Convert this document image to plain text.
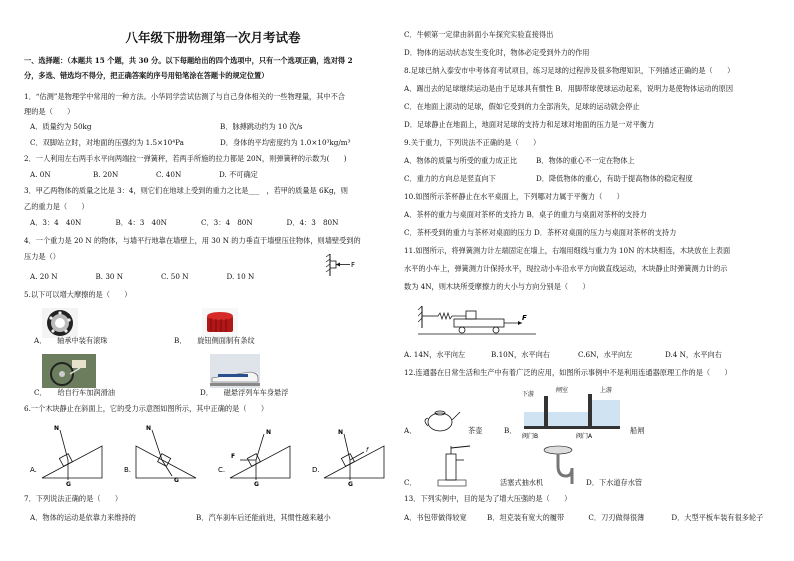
八年级下册物理第一次月考试卷

一、选择题：（本题共 15 个题，共 30 分。以下每题给出的四个选项中，只有一个选项正确，选对得 2

分，多选、错选均不得分，把正确答案的序号用铅笔涂在答题卡的规定位置）

1．“估测”是物理学中常用的一种方法。小华同学尝试估测了与自己身体相关的一些物理量，其中不合

理的是（　　）

A．质量约为 50kg	B．脉搏跳动约为 10 次/s

C．双脚站立时，对地面的压强约为 1.5×10⁴Pa	D．身体的平均密度约为 1.0×10³kg/m³

2．一人利用左右两手水平向两端拉一弹簧秤，若两手所施的拉力都是 20N，则弹簧秤的示数为(　　)

A. 0N	B. 20N	C. 40N	D. 不可确定

3．甲乙两物体的质量之比是 3：4，则它们在地球上受到的重力之比是___　，若甲的质量是 6Kg，则

乙的重力是（　　）

A．3：4　40N	B．4：3　40N	C．3：4　80N	D．4：3　80N

4．一个重力是 20 N 的物体，与墙平行地靠在墙壁上，用 30 N 的力垂直于墙壁压住物体，则墙壁受到的

压力是（）

F
A. 20 N	B. 30 N	C. 50 N	D. 10 N

5.以下可以增大摩擦的是（　　）

A．　　轴承中装有滚珠	B．　　旋钮侧面制有条纹

C．　　给自行车加润滑油	D．　　磁悬浮列车车身悬浮

6.一个木块静止在斜面上，它的受力示意图如图所示，其中正确的是（　　）

A.
N
G
B.
N
G
C.
F
G
N
D.
N
f
G

7．下列说法正确的是（　　）

A．物体的运动是依靠力来维持的	B．汽车刹车后还能前进，其惯性越来越小

C．牛顿第一定律由斜面小车探究实验直接得出

D．物体的运动状态发生变化时，物体必定受到外力的作用

8.足球已纳入泰安市中考体育考试项目，练习足球的过程涉及很多物理知识，下列描述正确的是（　　）

A．踢出去的足球继续运动是由于足球具有惯性 B．用脚带球使球运动起来，说明力是使物体运动的原因

C．在地面上滚动的足球，假如它受到的力全部消失，足球的运动就会停止

D．足球静止在地面上，地面对足球的支持力和足球对地面的压力是一对平衡力

9.关于重力，下列说法不正确的是（　　）

A．物体的质量与所受的重力成正比	B．物体的重心不一定在物体上

C．重力的方向总是竖直向下	D．降低物体的重心，有助于提高物体的稳定程度

10.如图所示茶杯静止在水平桌面上，下列哪对力属于平衡力（　　）

A．茶杯的重力与桌面对茶杯的支持力 B．桌子的重力与桌面对茶杯的支持力

C．茶杯受到的重力与茶杯对桌面的压力 D．茶杯对桌面的压力与桌面对茶杯的支持力

11.如图所示，将弹簧测力计左端固定在墙上，右端用细线与重力为 10N 的木块相连，木块放在上表面

水平的小车上，弹簧测力计保持水平，现拉动小车沿水平方向做直线运动，木块静止时弹簧测力计的示

数为 4N，则木块所受摩擦力的大小与方向分别是（　　）

F
A. 14N，水平向左	B.10N，水平向右	C.6N，水平向左	D.4 N，水平向右

12.连通器在日常生活和生产中有着广泛的应用，如图所示事例中不是利用连通器原理工作的是（　　）

A．	茶壶	B．

下游
闸室	上游
阀门B	阀门A

船闸

C．	活塞式抽水机	D．下水道存水管

13．下列实例中，目的是为了增大压强的是（　　）

A．书包带做得较宽	B．坦克装有宽大的履带	C．刀刃做得很薄	D．大型平板车装有很多轮子
